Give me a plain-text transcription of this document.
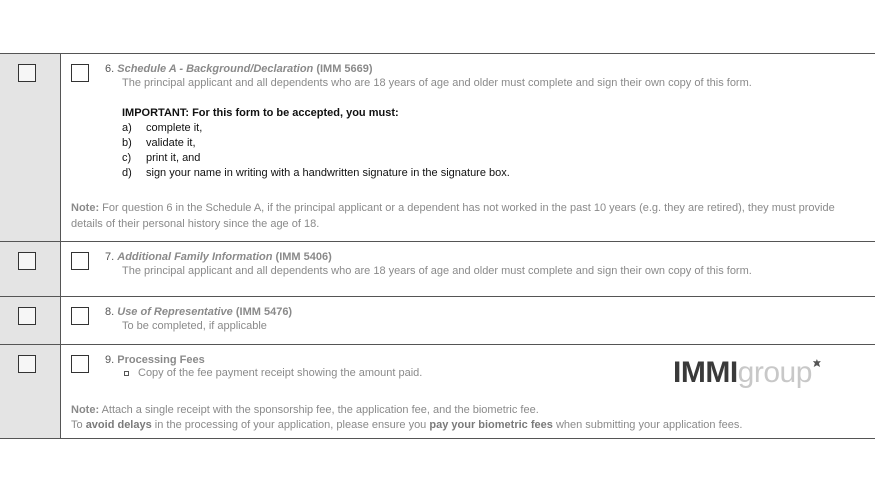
6. Schedule A - Background/Declaration (IMM 5669)
The principal applicant and all dependents who are 18 years of age and older must complete and sign their own copy of this form.
IMPORTANT: For this form to be accepted, you must:
a)	complete it,
b)	validate it,
c)	print it, and
d)	sign your name in writing with a handwritten signature in the signature box.
Note: For question 6 in the Schedule A, if the principal applicant or a dependent has not worked in the past 10 years (e.g. they are retired), they must provide details of their personal history since the age of 18.
7. Additional Family Information (IMM 5406)
The principal applicant and all dependents who are 18 years of age and older must complete and sign their own copy of this form.
8. Use of Representative (IMM 5476)
To be completed, if applicable
9. Processing Fees
Copy of the fee payment receipt showing the amount paid.	IMMIgroup
Note: Attach a single receipt with the sponsorship fee, the application fee, and the biometric fee.
To avoid delays in the processing of your application, please ensure you pay your biometric fees when submitting your application fees.
